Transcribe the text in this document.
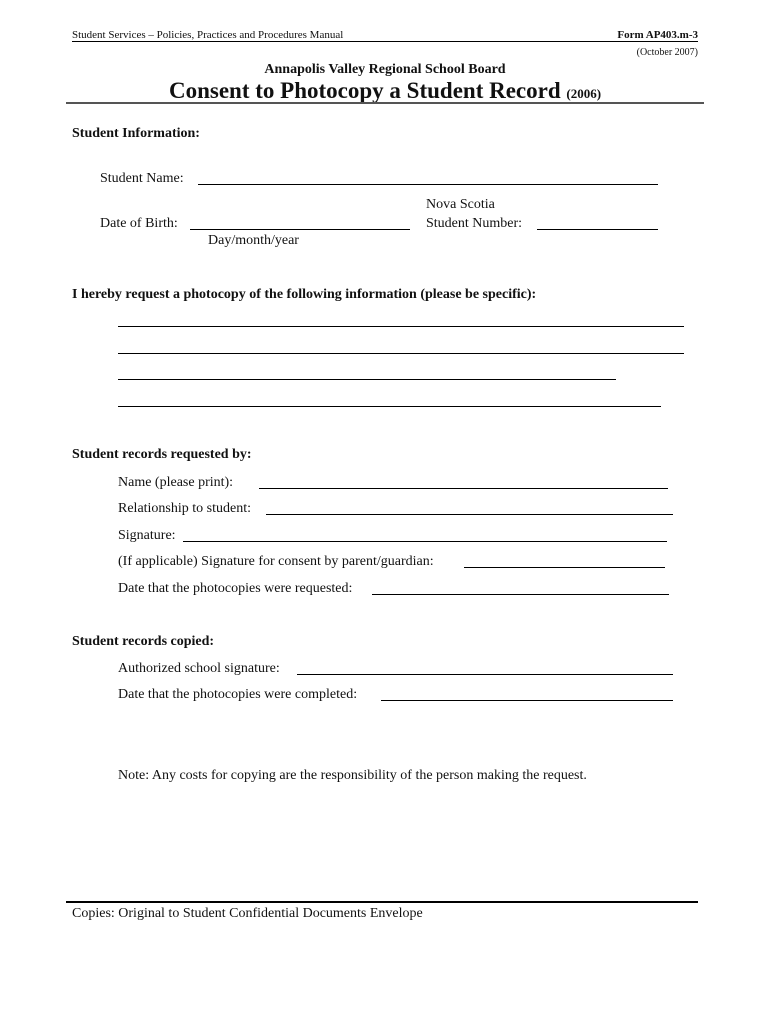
Student Services – Policies, Practices and Procedures Manual	Form AP403.m-3
(October 2007)
Annapolis Valley Regional School Board
Consent to Photocopy a Student Record (2006)
Student Information:
Student Name:
Nova Scotia
Student Number:
Date of Birth:
Day/month/year
I hereby request a photocopy of the following information (please be specific):
Student records requested by:
Name (please print):
Relationship to student:
Signature:
(If applicable) Signature for consent by parent/guardian:
Date that the photocopies were requested:
Student records copied:
Authorized school signature:
Date that the photocopies were completed:
Note: Any costs for copying are the responsibility of the person making the request.
Copies: Original to Student Confidential Documents Envelope
